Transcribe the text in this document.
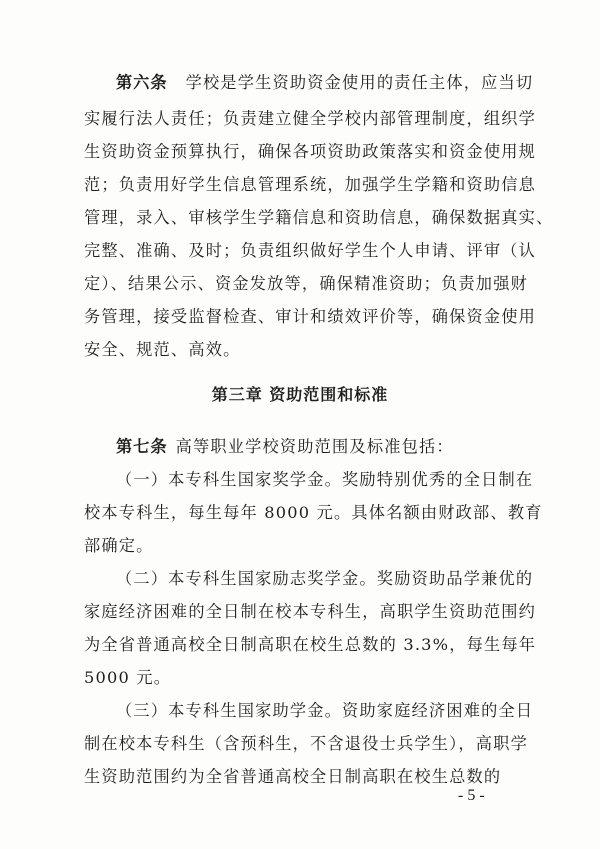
第六条 学校是学生资助资金使用的责任主体，应当切
实履行法人责任；负责建立健全学校内部管理制度，组织学
生资助资金预算执行，确保各项资助政策落实和资金使用规
范；负责用好学生信息管理系统，加强学生学籍和资助信息
管理，录入、审核学生学籍信息和资助信息，确保数据真实、
完整、准确、及时；负责组织做好学生个人申请、评审（认
定）、结果公示、资金发放等，确保精准资助；负责加强财
务管理，接受监督检查、审计和绩效评价等，确保资金使用
安全、规范、高效。
第三章 资助范围和标准
第七条 高等职业学校资助范围及标准包括：
（一）本专科生国家奖学金。奖励特别优秀的全日制在
校本专科生，每生每年 8000 元。具体名额由财政部、教育
部确定。
（二）本专科生国家励志奖学金。奖励资助品学兼优的
家庭经济困难的全日制在校本专科生，高职学生资助范围约
为全省普通高校全日制高职在校生总数的 3.3%，每生每年
5000 元。
（三）本专科生国家助学金。资助家庭经济困难的全日
制在校本专科生（含预科生，不含退役士兵学生），高职学
生资助范围约为全省普通高校全日制高职在校生总数的
- 5 -
